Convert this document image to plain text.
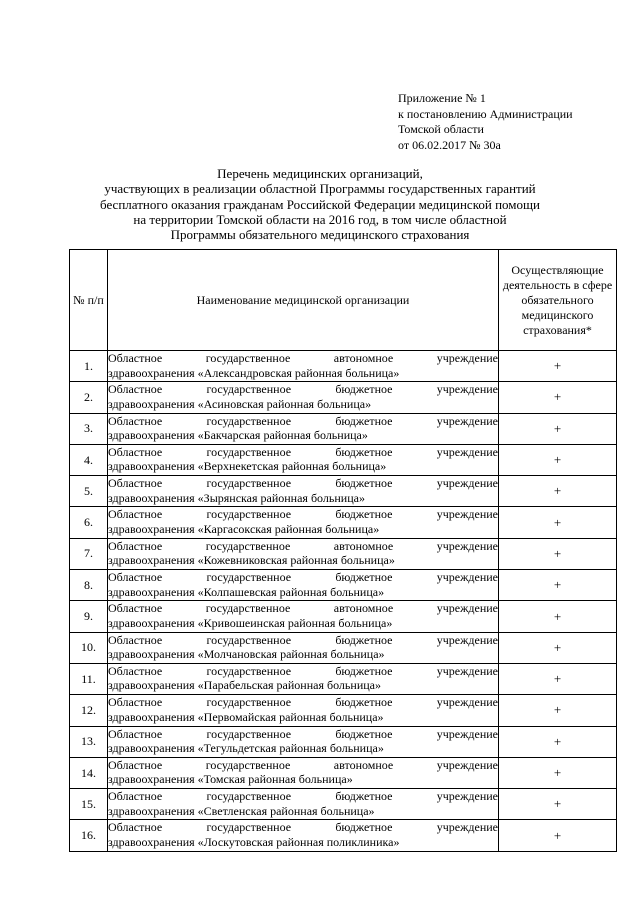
Приложение № 1
к постановлению Администрации
Томской области
от 06.02.2017 № 30а
Перечень медицинских организаций,
участвующих в реализации областной Программы государственных гарантий
бесплатного оказания гражданам Российской Федерации медицинской помощи
на территории Томской области на 2016 год, в том числе областной
Программы обязательного медицинского страхования
№ п/п	Наименование медицинской организации	Осуществляющие деятельность в сфере обязательного медицинского страхования*
1.	Областное государственное автономное учреждение
здравоохранения «Александровская районная больница»	+
2.	Областное государственное бюджетное учреждение
здравоохранения «Асиновская районная больница»	+
3.	Областное государственное бюджетное учреждение
здравоохранения «Бакчарская районная больница»	+
4.	Областное государственное бюджетное учреждение
здравоохранения «Верхнекетская районная больница»	+
5.	Областное государственное бюджетное учреждение
здравоохранения «Зырянская районная больница»	+
6.	Областное государственное бюджетное учреждение
здравоохранения «Каргасокская районная больница»	+
7.	Областное государственное автономное учреждение
здравоохранения «Кожевниковская районная больница»	+
8.	Областное государственное бюджетное учреждение
здравоохранения «Колпашевская районная больница»	+
9.	Областное государственное автономное учреждение
здравоохранения «Кривошеинская районная больница»	+
10.	Областное государственное бюджетное учреждение
здравоохранения «Молчановская районная больница»	+
11.	Областное государственное бюджетное учреждение
здравоохранения «Парабельская районная больница»	+
12.	Областное государственное бюджетное учреждение
здравоохранения «Первомайская районная больница»	+
13.	Областное государственное бюджетное учреждение
здравоохранения «Тегульдетская районная больница»	+
14.	Областное государственное автономное учреждение
здравоохранения «Томская районная больница»	+
15.	Областное государственное бюджетное учреждение
здравоохранения «Светленская районная больница»	+
16.	Областное государственное бюджетное учреждение
здравоохранения «Лоскутовская районная поликлиника»	+
